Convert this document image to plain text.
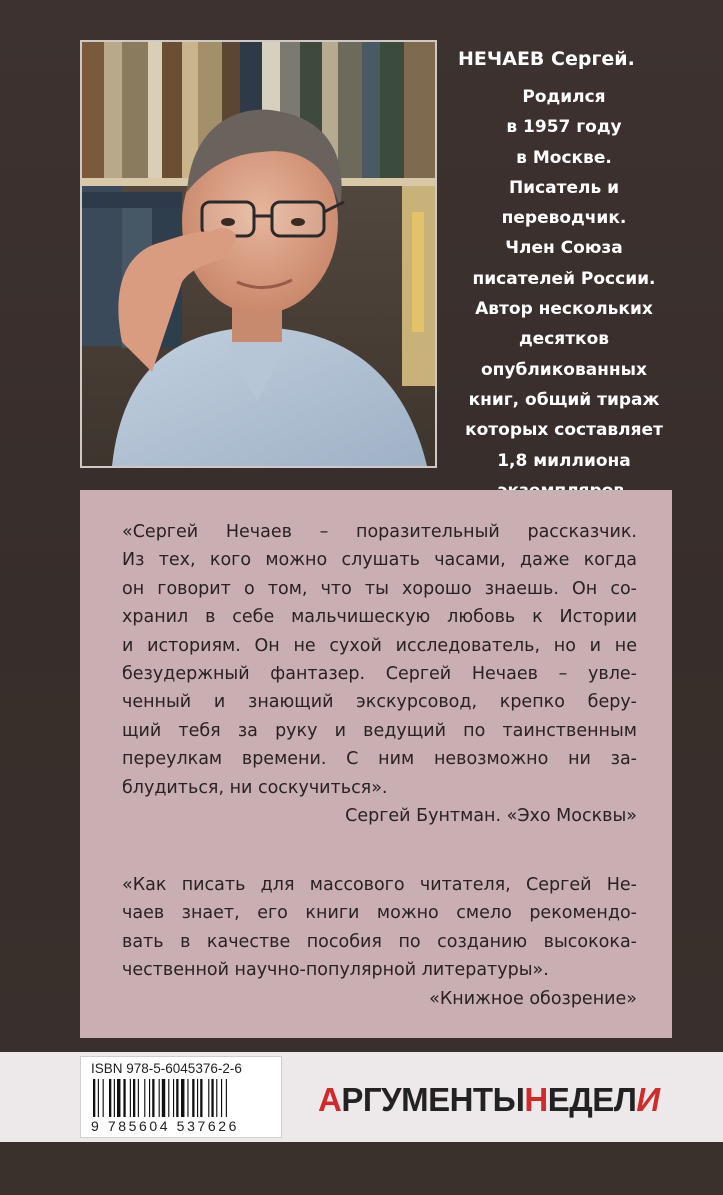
НЕЧАЕВ Сергей.
Родился
в 1957 году
в Москве.
Писатель и
переводчик.
Член Союза
писателей России.
Автор нескольких
десятков
опубликованных
книг, общий тираж
которых составляет
1,8 миллиона
«Сергей Нечаев – поразительный рассказчик.
Из тех, кого можно слушать часами, даже когда
он говорит о том, что ты хорошо знаешь. Он со-
хранил в себе мальчишескую любовь к Истории
и историям. Он не сухой исследователь, но и не
безудержный фантазер. Сергей Нечаев – увле-
ченный и знающий экскурсовод, крепко беру-
щий тебя за руку и ведущий по таинственным
переулкам времени. С ним невозможно ни за-
блудиться, ни соскучиться».
Сергей Бунтман. «Эхо Москвы»
«Как писать для массового читателя, Сергей Не-
чаев знает, его книги можно смело рекомендо-
вать в качестве пособия по созданию высокока-
чественной научно-популярной литературы».
«Книжное обозрение»
ISBN 978-5-6045376-2-6
9 785604 537626
А РГУМЕНТЫ Н ЕДЕЛ И
